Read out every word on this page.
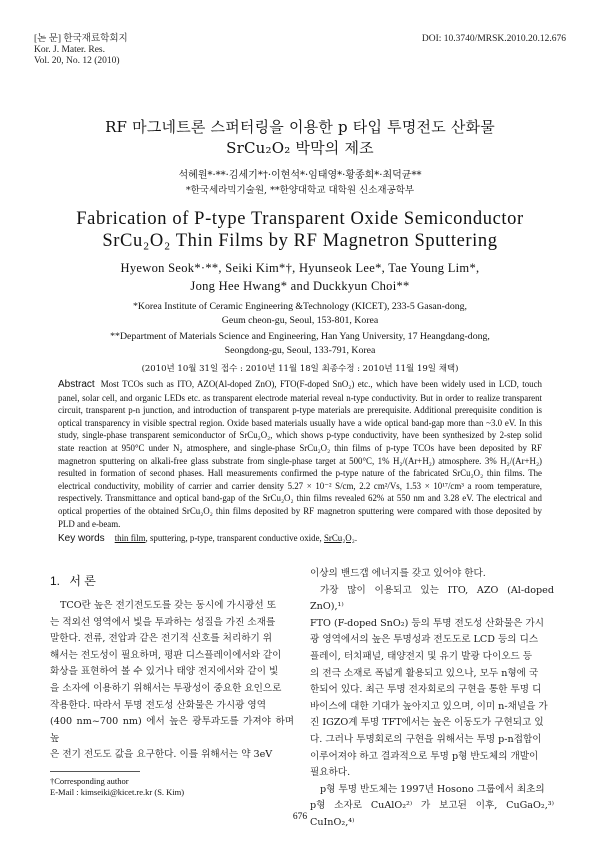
[논 문] 한국재료학회지
Kor. J. Mater. Res.
Vol. 20, No. 12 (2010)
DOI: 10.3740/MRSK.2010.20.12.676
RF 마그네트론 스퍼터링을 이용한 p 타입 투명전도 산화물
SrCu₂O₂ 박막의 제조
석혜원*·**·김세기*†·이현석*·임태영*·황종희*·최덕균**
*한국세라믹기술원, **한양대학교 대학원 신소재공학부
Fabrication of P-type Transparent Oxide Semiconductor
SrCu₂O₂ Thin Films by RF Magnetron Sputtering
Hyewon Seok*·**, Seiki Kim*†, Hyunseok Lee*, Tae Young Lim*,
Jong Hee Hwang* and Duckkyun Choi**
*Korea Institute of Ceramic Engineering &Technology (KICET), 233-5 Gasan-dong,
Geum cheon-gu, Seoul, 153-801, Korea
**Department of Materials Science and Engineering, Han Yang University, 17 Heangdang-dong,
Seongdong-gu, Seoul, 133-791, Korea
(2010년 10월 31일 접수 : 2010년 11월 18일 최종수정 : 2010년 11월 19일 채택)
Abstract Most TCOs such as ITO, AZO(Al-doped ZnO), FTO(F-doped SnO₂) etc., which have been widely used in LCD, touch panel, solar cell, and organic LEDs etc. as transparent electrode material reveal n-type conductivity. But in order to realize transparent circuit, transparent p-n junction, and introduction of transparent p-type materials are prerequisite. Additional prerequisite condition is optical transparency in visible spectral region. Oxide based materials usually have a wide optical band-gap more than ~3.0 eV. In this study, single-phase transparent semiconductor of SrCu₂O₂, which shows p-type conductivity, have been synthesized by 2-step solid state reaction at 950°C under N₂ atmosphere, and single-phase SrCu₂O₂ thin films of p-type TCOs have been deposited by RF magnetron sputtering on alkali-free glass substrate from single-phase target at 500°C, 1% H₂/(Ar+H₂) atmosphere. 3% H₂/(Ar+H₂) resulted in formation of second phases. Hall measurements confirmed the p-type nature of the fabricated SrCu₂O₂ thin films. The electrical conductivity, mobility of carrier and carrier density 5.27 × 10⁻² S/cm, 2.2 cm²/Vs, 1.53 × 10¹⁷/cm³ a room temperature, respectively. Transmittance and optical band-gap of the SrCu₂O₂ thin films revealed 62% at 550 nm and 3.28 eV. The electrical and optical properties of the obtained SrCu₂O₂ thin films deposited by RF magnetron sputtering were compared with those deposited by PLD and e-beam.
Key words thin film, sputtering, p-type, transparent conductive oxide, SrCu₂O₂.
1. 서 론
TCO란 높은 전기전도도를 갖는 동시에 가시광선 또
는 적외선 영역에서 빛을 투과하는 성질을 가진 소재를
말한다. 전류, 전압과 같은 전기적 신호를 처리하기 위
해서는 전도성이 필요하며, 평판 디스플레이에서와 같이
화상을 표현하여 볼 수 있거나 태양 전지에서와 같이 빛
을 소자에 이용하기 위해서는 투광성이 중요한 요인으로
작용한다. 따라서 투명 전도성 산화물은 가시광 영역
(400 nm~700 nm) 에서 높은 광투과도를 가져야 하며 높
은 전기 전도도 값을 요구한다. 이를 위해서는 약 3eV
†Corresponding author
E-Mail : kimseiki@kicet.re.kr (S. Kim)
이상의 밴드갭 에너지를 갖고 있어야 한다.
가장 많이 이용되고 있는 ITO, AZO (Al-doped ZnO),¹⁾
FTO (F-doped SnO₂) 등의 투명 전도성 산화물은 가시
광 영역에서의 높은 투명성과 전도도로 LCD 등의 디스
플레이, 터치패널, 태양전지 및 유기 발광 다이오드 등
의 전극 소재로 폭넓게 활용되고 있으나, 모두 n형에 국
한되어 있다. 최근 투명 전자회로의 구현을 통한 투명 디
바이스에 대한 기대가 높아지고 있으며, 이미 n-채널을 가
진 IGZO계 투명 TFT에서는 높은 이동도가 구현되고 있
다. 그러나 투명회로의 구현을 위해서는 투명 p-n접합이
이루어져야 하고 결과적으로 투명 p형 반도체의 개발이
필요하다.
p형 투명 반도체는 1997년 Hosono 그룹에서 최초의
p형 소자로 CuAlO₂²⁾ 가 보고된 이후, CuGaO₂,³⁾ CuInO₂,⁴⁾
676
